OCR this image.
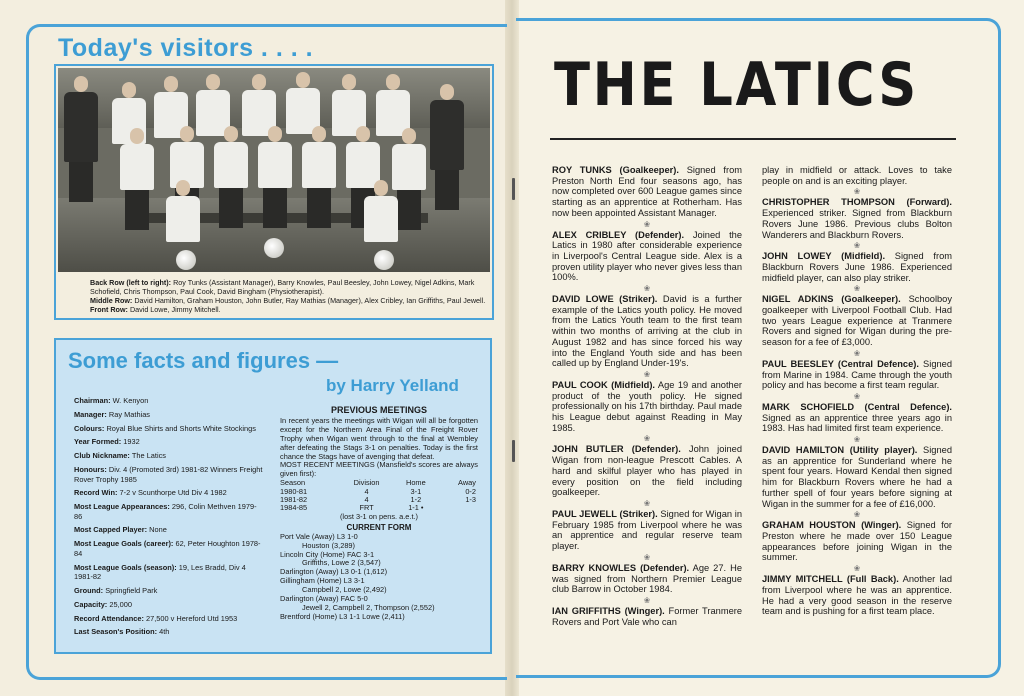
Today's visitors . . . .
Back Row (left to right): Roy Tunks (Assistant Manager), Barry Knowles, Paul Beesley, John Lowey, Nigel Adkins, Mark Schofield, Chris Thompson, Paul Cook, David Bingham (Physiotherapist).
Middle Row: David Hamilton, Graham Houston, John Butler, Ray Mathias (Manager), Alex Cribley, Ian Griffiths, Paul Jewell.
Front Row: David Lowe, Jimmy Mitchell.
Some facts and figures —
by Harry Yelland
Chairman: W. Kenyon
Manager: Ray Mathias
Colours: Royal Blue Shirts and Shorts White Stockings
Year Formed: 1932
Club Nickname: The Latics
Honours: Div. 4 (Promoted 3rd) 1981-82 Winners Freight Rover Trophy 1985
Record Win: 7-2 v Scunthorpe Utd Div 4 1982
Most League Appearances: 296, Colin Methven 1979-86
Most Capped Player: None
Most League Goals (career): 62, Peter Houghton 1978-84
Most League Goals (season): 19, Les Bradd, Div 4 1981-82
Ground: Springfield Park
Capacity: 25,000
Record Attendance: 27,500 v Hereford Utd 1953
Last Season's Position: 4th
PREVIOUS MEETINGS

In recent years the meetings with Wigan will all be forgotten except for the Northern Area Final of the Freight Rover Trophy when Wigan went through to the final at Wembley after defeating the Stags 3-1 on penalties. Today is the first chance the Stags have of avenging that defeat.

MOST RECENT MEETINGS (Mansfield's scores are always given first):

Season	Division	Home	Away
1980-81	4	3-1	0-2
1981-82	4	1-2	1-3
1984-85	FRT	1-1 •	
(lost 3-1 on pens. a.e.t.)
CURRENT FORM
Port Vale (Away) L3 1-0
Houston (3,289)
Lincoln City (Home) FAC 3-1
Griffiths, Lowe 2 (3,547)
Darlington (Away) L3 0-1 (1,612)
Gillingham (Home) L3 3-1
Campbell 2, Lowe (2,492)
Darlington (Away) FAC 5-0
Jewell 2, Campbell 2, Thompson (2,552)
Brentford (Home) L3 1-1 Lowe (2,411)
THE LATICS

ROY TUNKS (Goalkeeper). Signed from Preston North End four seasons ago, has now completed over 600 League games since starting as an apprentice at Rotherham. Has now been appointed Assistant Manager.

❀

ALEX CRIBLEY (Defender). Joined the Latics in 1980 after considerable experience in Liverpool's Central League side. Alex is a proven utility player who never gives less than 100%.

❀

DAVID LOWE (Striker). David is a further example of the Latics youth policy. He moved from the Latics Youth team to the first team within two months of arriving at the club in August 1982 and has since forced his way into the England Youth side and has been called up by England Under-19's.

❀

PAUL COOK (Midfield). Age 19 and another product of the youth policy. He signed professionally on his 17th birthday. Paul made his League debut against Reading in May 1985.

❀

JOHN BUTLER (Defender). John joined Wigan from non-league Prescott Cables. A hard and skilful player who has played in every position on the field including goalkeeper.

❀

PAUL JEWELL (Striker). Signed for Wigan in February 1985 from Liverpool where he was an apprentice and regular reserve team player.

❀

BARRY KNOWLES (Defender). Age 27. He was signed from Northern Premier League club Barrow in October 1984.

❀

IAN GRIFFITHS (Winger). Former Tranmere Rovers and Port Vale who can

play in midfield or attack. Loves to take people on and is an exciting player.

❀

CHRISTOPHER THOMPSON (Forward). Experienced striker. Signed from Blackburn Rovers June 1986. Previous clubs Bolton Wanderers and Blackburn Rovers.

❀

JOHN LOWEY (Midfield). Signed from Blackburn Rovers June 1986. Experienced midfield player, can also play striker.

❀

NIGEL ADKINS (Goalkeeper). Schoolboy goalkeeper with Liverpool Football Club. Had two years League experience at Tranmere Rovers and signed for Wigan during the pre-season for a fee of £3,000.

❀

PAUL BEESLEY (Central Defence). Signed from Marine in 1984. Came through the youth policy and has become a first team regular.

❀

MARK SCHOFIELD (Central Defence). Signed as an apprentice three years ago in 1983. Has had limited first team experience.

❀

DAVID HAMILTON (Utility player). Signed as an apprentice for Sunderland where he spent four years. Howard Kendal then signed him for Blackburn Rovers where he had a further spell of four years before signing at Wigan in the summer for a fee of £16,000.

❀

GRAHAM HOUSTON (Winger). Signed for Preston where he made over 150 League appearances before joining Wigan in the summer.

❀

JIMMY MITCHELL (Full Back). Another lad from Liverpool where he was an apprentice. He had a very good season in the reserve team and is pushing for a first team place.
